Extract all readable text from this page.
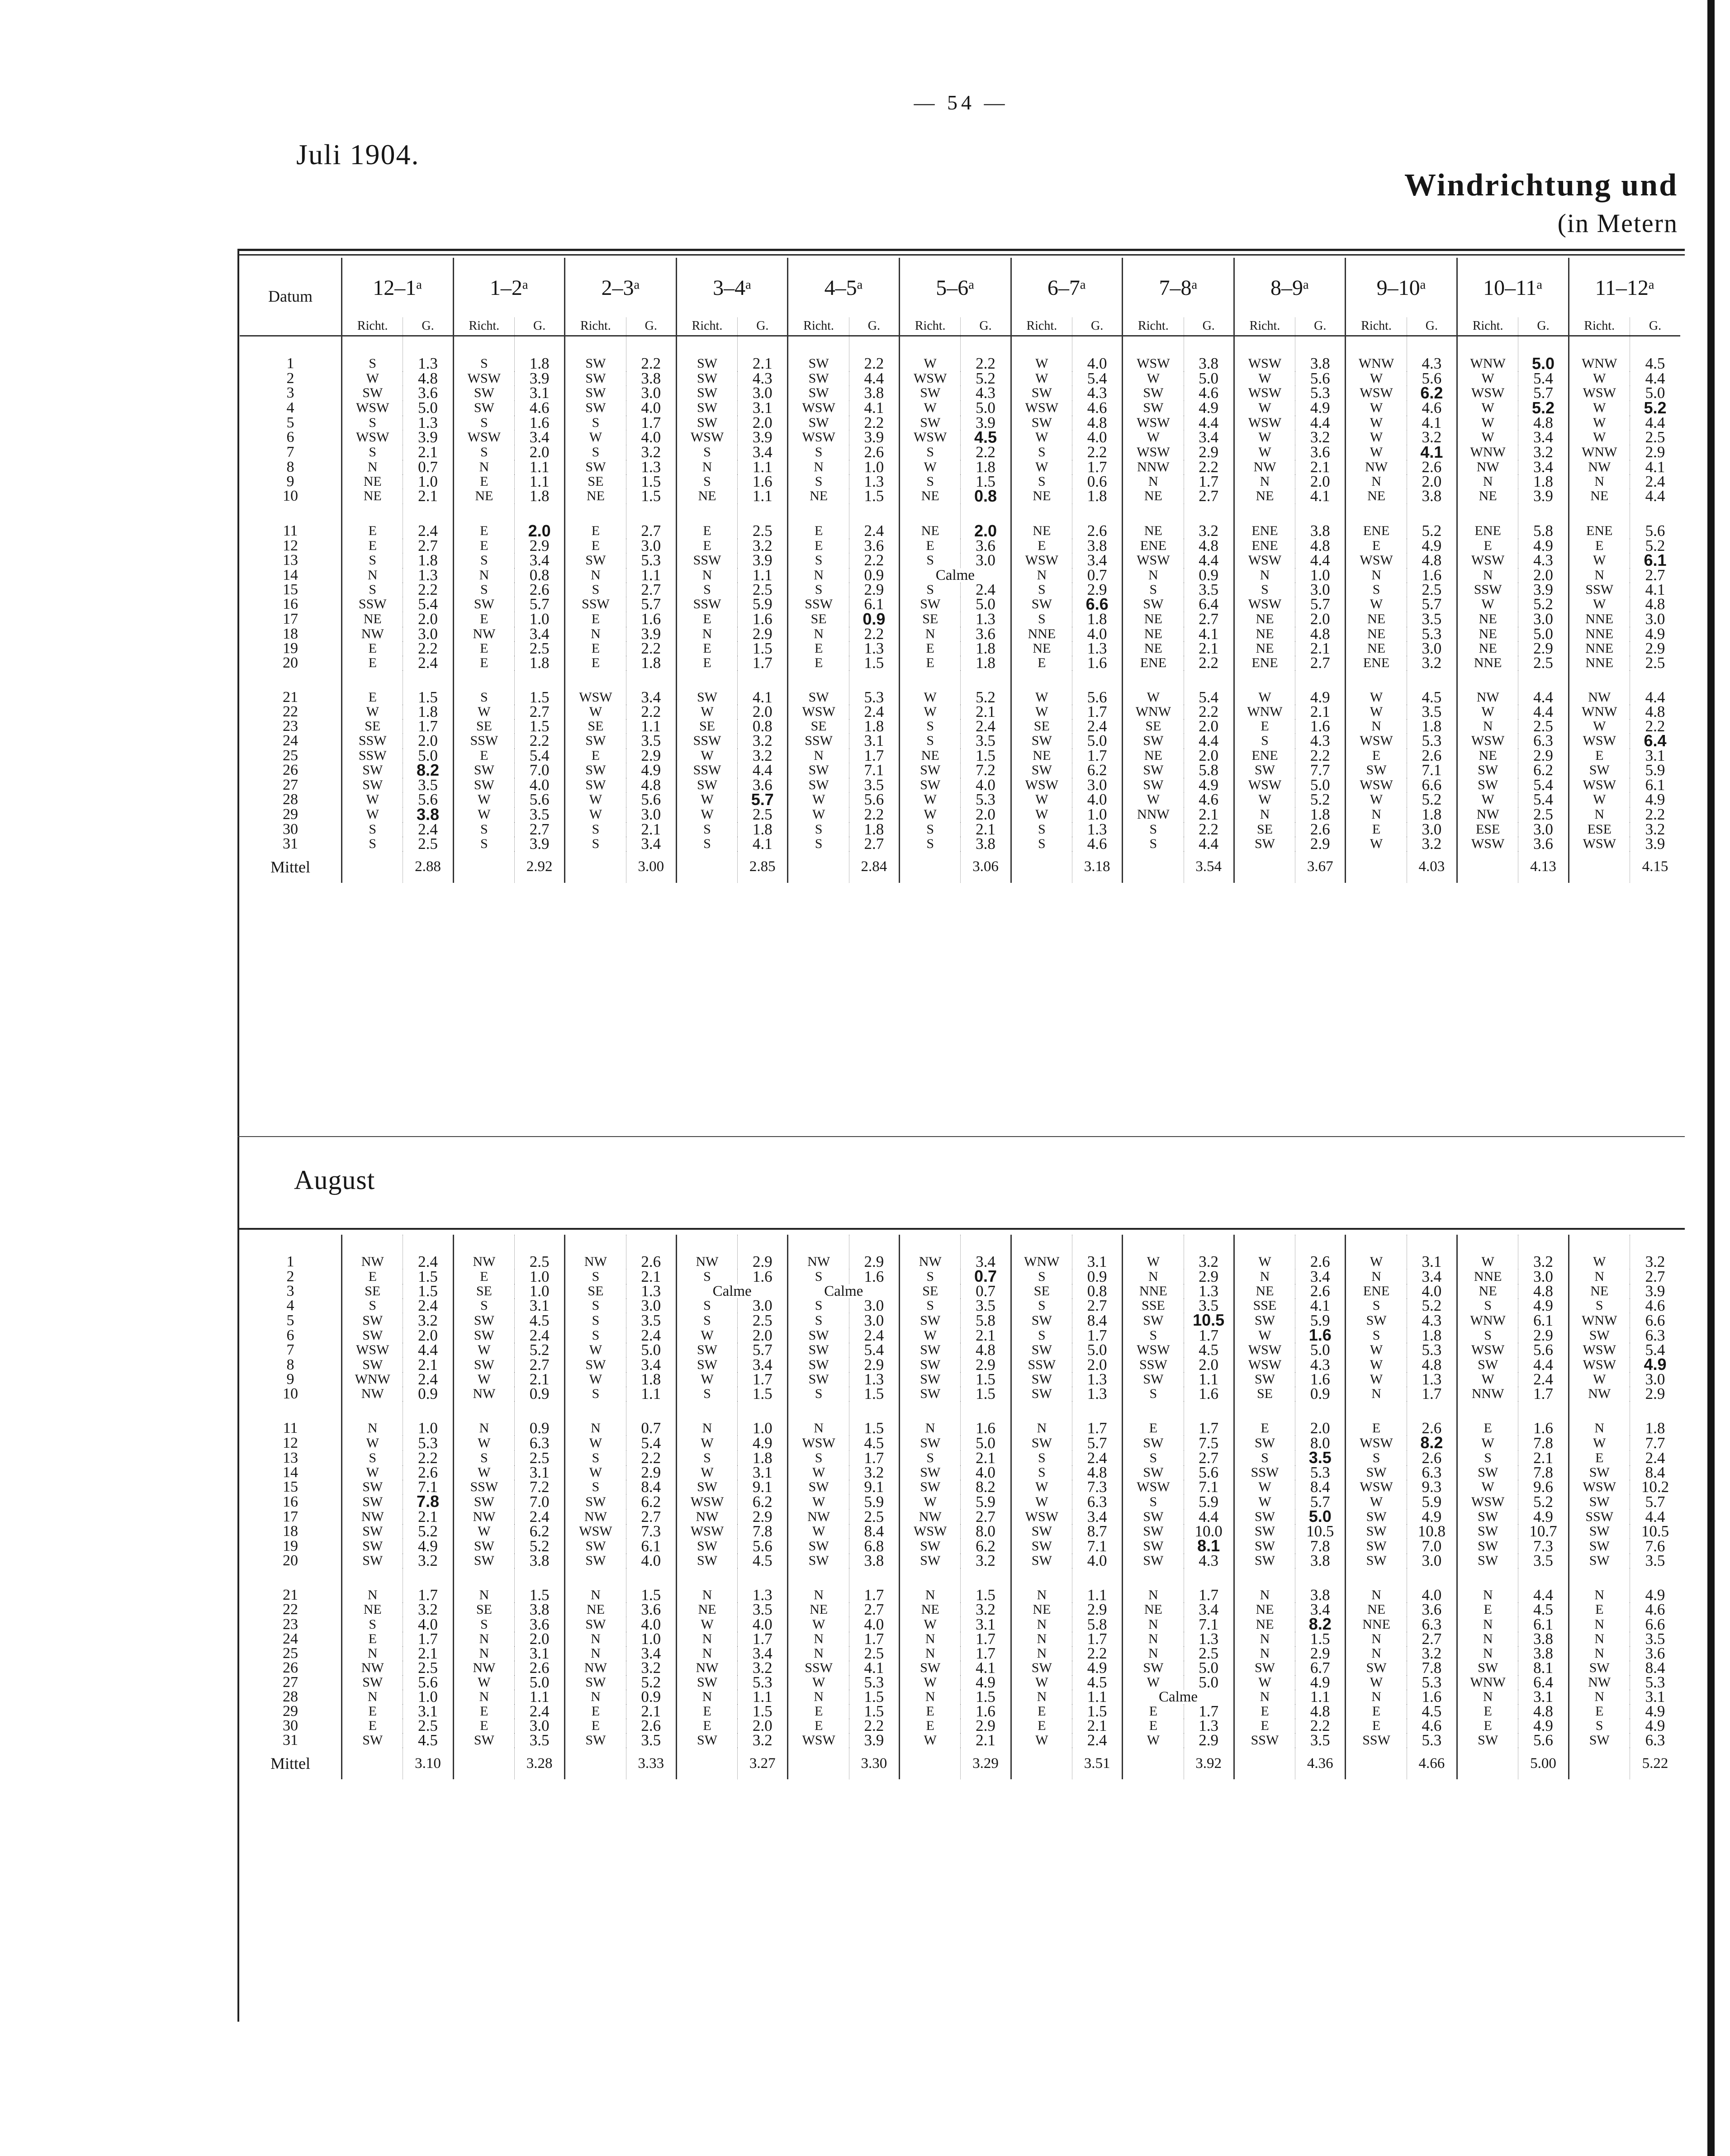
— 54 —
Juli 1904.
Windrichtung und
(in Metern
August
Datum	12–1ᵃ		1–2ᵃ		2–3ᵃ		3–4ᵃ		4–5ᵃ		5–6ᵃ		6–7ᵃ		7–8ᵃ		8–9ᵃ		9–10ᵃ		10–11ᵃ		11–12ᵃ	
	Richt.	G.	Richt.	G.	Richt.	G.	Richt.	G.	Richt.	G.	Richt.	G.	Richt.	G.	Richt.	G.	Richt.	G.	Richt.	G.	Richt.	G.	Richt.	G.
1	S	1.3	S	1.8	SW	2.2	SW	2.1	SW	2.2	W	2.2	W	4.0	WSW	3.8	WSW	3.8	WNW	4.3	WNW	5.0	WNW	4.5
2	W	4.8	WSW	3.9	SW	3.8	SW	4.3	SW	4.4	WSW	5.2	W	5.4	W	5.0	W	5.6	W	5.6	W	5.4	W	4.4
3	SW	3.6	SW	3.1	SW	3.0	SW	3.0	SW	3.8	SW	4.3	SW	4.3	SW	4.6	WSW	5.3	WSW	6.2	WSW	5.7	WSW	5.0
4	WSW	5.0	SW	4.6	SW	4.0	SW	3.1	WSW	4.1	W	5.0	WSW	4.6	SW	4.9	W	4.9	W	4.6	W	5.2	W	5.2
5	S	1.3	S	1.6	S	1.7	SW	2.0	SW	2.2	SW	3.9	SW	4.8	WSW	4.4	WSW	4.4	W	4.1	W	4.8	W	4.4
6	WSW	3.9	WSW	3.4	W	4.0	WSW	3.9	WSW	3.9	WSW	4.5	W	4.0	W	3.4	W	3.2	W	3.2	W	3.4	W	2.5
7	S	2.1	S	2.0	S	3.2	S	3.4	S	2.6	S	2.2	S	2.2	WSW	2.9	W	3.6	W	4.1	WNW	3.2	WNW	2.9
8	N	0.7	N	1.1	SW	1.3	N	1.1	N	1.0	W	1.8	W	1.7	NNW	2.2	NW	2.1	NW	2.6	NW	3.4	NW	4.1
9	NE	1.0	E	1.1	SE	1.5	S	1.6	S	1.3	S	1.5	S	0.6	N	1.7	N	2.0	N	2.0	N	1.8	N	2.4
10	NE	2.1	NE	1.8	NE	1.5	NE	1.1	NE	1.5	NE	0.8	NE	1.8	NE	2.7	NE	4.1	NE	3.8	NE	3.9	NE	4.4
11	E	2.4	E	2.0	E	2.7	E	2.5	E	2.4	NE	2.0	NE	2.6	NE	3.2	ENE	3.8	ENE	5.2	ENE	5.8	ENE	5.6
12	E	2.7	E	2.9	E	3.0	E	3.2	E	3.6	E	3.6	E	3.8	ENE	4.8	ENE	4.8	E	4.9	E	4.9	E	5.2
13	S	1.8	S	3.4	SW	5.3	SSW	3.9	S	2.2	S	3.0	WSW	3.4	WSW	4.4	WSW	4.4	WSW	4.8	WSW	4.3	W	6.1
14	N	1.3	N	0.8	N	1.1	N	1.1	N	0.9	Calme		N	0.7	N	0.9	N	1.0	N	1.6	N	2.0	N	2.7
15	S	2.2	S	2.6	S	2.7	S	2.5	S	2.9	S	2.4	S	2.9	S	3.5	S	3.0	S	2.5	SSW	3.9	SSW	4.1
16	SSW	5.4	SW	5.7	SSW	5.7	SSW	5.9	SSW	6.1	SW	5.0	SW	6.6	SW	6.4	WSW	5.7	W	5.7	W	5.2	W	4.8
17	NE	2.0	E	1.0	E	1.6	E	1.6	SE	0.9	SE	1.3	S	1.8	NE	2.7	NE	2.0	NE	3.5	NE	3.0	NNE	3.0
18	NW	3.0	NW	3.4	N	3.9	N	2.9	N	2.2	N	3.6	NNE	4.0	NE	4.1	NE	4.8	NE	5.3	NE	5.0	NNE	4.9
19	E	2.2	E	2.5	E	2.2	E	1.5	E	1.3	E	1.8	NE	1.3	NE	2.1	NE	2.1	NE	3.0	NE	2.9	NNE	2.9
20	E	2.4	E	1.8	E	1.8	E	1.7	E	1.5	E	1.8	E	1.6	ENE	2.2	ENE	2.7	ENE	3.2	NNE	2.5	NNE	2.5
21	E	1.5	S	1.5	WSW	3.4	SW	4.1	SW	5.3	W	5.2	W	5.6	W	5.4	W	4.9	W	4.5	NW	4.4	NW	4.4
22	W	1.8	W	2.7	W	2.2	W	2.0	WSW	2.4	W	2.1	W	1.7	WNW	2.2	WNW	2.1	W	3.5	W	4.4	WNW	4.8
23	SE	1.7	SE	1.5	SE	1.1	SE	0.8	SE	1.8	S	2.4	SE	2.4	SE	2.0	E	1.6	N	1.8	N	2.5	W	2.2
24	SSW	2.0	SSW	2.2	SW	3.5	SSW	3.2	SSW	3.1	S	3.5	SW	5.0	SW	4.4	S	4.3	WSW	5.3	WSW	6.3	WSW	6.4
25	SSW	5.0	E	5.4	E	2.9	W	3.2	N	1.7	NE	1.5	NE	1.7	NE	2.0	ENE	2.2	E	2.6	NE	2.9	E	3.1
26	SW	8.2	SW	7.0	SW	4.9	SSW	4.4	SW	7.1	SW	7.2	SW	6.2	SW	5.8	SW	7.7	SW	7.1	SW	6.2	SW	5.9
27	SW	3.5	SW	4.0	SW	4.8	SW	3.6	SW	3.5	SW	4.0	WSW	3.0	SW	4.9	WSW	5.0	WSW	6.6	SW	5.4	WSW	6.1
28	W	5.6	W	5.6	W	5.6	W	5.7	W	5.6	W	5.3	W	4.0	W	4.6	W	5.2	W	5.2	W	5.4	W	4.9
29	W	3.8	W	3.5	W	3.0	W	2.5	W	2.2	W	2.0	W	1.0	NNW	2.1	N	1.8	N	1.8	NW	2.5	N	2.2
30	S	2.4	S	2.7	S	2.1	S	1.8	S	1.8	S	2.1	S	1.3	S	2.2	SE	2.6	E	3.0	ESE	3.0	ESE	3.2
31	S	2.5	S	3.9	S	3.4	S	4.1	S	2.7	S	3.8	S	4.6	S	4.4	SW	2.9	W	3.2	WSW	3.6	WSW	3.9
Mittel		2.88		2.92		3.00		2.85		2.84		3.06		3.18		3.54		3.67		4.03		4.13		4.15
1	NW	2.4	NW	2.5	NW	2.6	NW	2.9	NW	2.9	NW	3.4	WNW	3.1	W	3.2	W	2.6	W	3.1	W	3.2	W	3.2
2	E	1.5	E	1.0	S	2.1	S	1.6	S	1.6	S	0.7	S	0.9	N	2.9	N	3.4	N	3.4	NNE	3.0	N	2.7
3	SE	1.5	SE	1.0	SE	1.3	Calme		Calme		SE	0.7	SE	0.8	NNE	1.3	NE	2.6	ENE	4.0	NE	4.8	NE	3.9
4	S	2.4	S	3.1	S	3.0	S	3.0	S	3.0	S	3.5	S	2.7	SSE	3.5	SSE	4.1	S	5.2	S	4.9	S	4.6
5	SW	3.2	SW	4.5	S	3.5	S	2.5	S	3.0	SW	5.8	SW	8.4	SW	10.5	SW	5.9	SW	4.3	WNW	6.1	WNW	6.6
6	SW	2.0	SW	2.4	S	2.4	W	2.0	SW	2.4	W	2.1	S	1.7	S	1.7	W	1.6	S	1.8	S	2.9	SW	6.3
7	WSW	4.4	W	5.2	W	5.0	SW	5.7	SW	5.4	SW	4.8	SW	5.0	WSW	4.5	WSW	5.0	W	5.3	WSW	5.6	WSW	5.4
8	SW	2.1	SW	2.7	SW	3.4	SW	3.4	SW	2.9	SW	2.9	SSW	2.0	SSW	2.0	WSW	4.3	W	4.8	SW	4.4	WSW	4.9
9	WNW	2.4	W	2.1	W	1.8	W	1.7	SW	1.3	SW	1.5	SW	1.3	SW	1.1	SW	1.6	W	1.3	W	2.4	W	3.0
10	NW	0.9	NW	0.9	S	1.1	S	1.5	S	1.5	SW	1.5	SW	1.3	S	1.6	SE	0.9	N	1.7	NNW	1.7	NW	2.9
11	N	1.0	N	0.9	N	0.7	N	1.0	N	1.5	N	1.6	N	1.7	E	1.7	E	2.0	E	2.6	E	1.6	N	1.8
12	W	5.3	W	6.3	W	5.4	W	4.9	WSW	4.5	SW	5.0	SW	5.7	SW	7.5	SW	8.0	WSW	8.2	W	7.8	W	7.7
13	S	2.2	S	2.5	S	2.2	S	1.8	S	1.7	S	2.1	S	2.4	S	2.7	S	3.5	S	2.6	S	2.1	E	2.4
14	W	2.6	W	3.1	W	2.9	W	3.1	W	3.2	SW	4.0	S	4.8	SW	5.6	SSW	5.3	SW	6.3	SW	7.8	SW	8.4
15	SW	7.1	SSW	7.2	S	8.4	SW	9.1	SW	9.1	SW	8.2	W	7.3	WSW	7.1	W	8.4	WSW	9.3	W	9.6	WSW	10.2
16	SW	7.8	SW	7.0	SW	6.2	WSW	6.2	W	5.9	W	5.9	W	6.3	S	5.9	W	5.7	W	5.9	WSW	5.2	SW	5.7
17	NW	2.1	NW	2.4	NW	2.7	NW	2.9	NW	2.5	NW	2.7	WSW	3.4	SW	4.4	SW	5.0	SW	4.9	SW	4.9	SSW	4.4
18	SW	5.2	W	6.2	WSW	7.3	WSW	7.8	W	8.4	WSW	8.0	SW	8.7	SW	10.0	SW	10.5	SW	10.8	SW	10.7	SW	10.5
19	SW	4.9	SW	5.2	SW	6.1	SW	5.6	SW	6.8	SW	6.2	SW	7.1	SW	8.1	SW	7.8	SW	7.0	SW	7.3	SW	7.6
20	SW	3.2	SW	3.8	SW	4.0	SW	4.5	SW	3.8	SW	3.2	SW	4.0	SW	4.3	SW	3.8	SW	3.0	SW	3.5	SW	3.5
21	N	1.7	N	1.5	N	1.5	N	1.3	N	1.7	N	1.5	N	1.1	N	1.7	N	3.8	N	4.0	N	4.4	N	4.9
22	NE	3.2	SE	3.8	NE	3.6	NE	3.5	NE	2.7	NE	3.2	NE	2.9	NE	3.4	NE	3.4	NE	3.6	E	4.5	E	4.6
23	S	4.0	S	3.6	SW	4.0	W	4.0	W	4.0	W	3.1	N	5.8	N	7.1	NE	8.2	NNE	6.3	N	6.1	N	6.6
24	E	1.7	N	2.0	N	1.0	N	1.7	N	1.7	N	1.7	N	1.7	N	1.3	N	1.5	N	2.7	N	3.8	N	3.5
25	N	2.1	N	3.1	N	3.4	N	3.4	N	2.5	N	1.7	N	2.2	N	2.5	N	2.9	N	3.2	N	3.8	N	3.6
26	NW	2.5	NW	2.6	NW	3.2	NW	3.2	SSW	4.1	SW	4.1	SW	4.9	SW	5.0	SW	6.7	SW	7.8	SW	8.1	SW	8.4
27	SW	5.6	W	5.0	SW	5.2	SW	5.3	W	5.3	W	4.9	W	4.5	W	5.0	W	4.9	W	5.3	WNW	6.4	NW	5.3
28	N	1.0	N	1.1	N	0.9	N	1.1	N	1.5	N	1.5	N	1.1	Calme		N	1.1	N	1.6	N	3.1	N	3.1
29	E	3.1	E	2.4	E	2.1	E	1.5	E	1.5	E	1.6	E	1.5	E	1.7	E	4.8	E	4.5	E	4.8	E	4.9
30	E	2.5	E	3.0	E	2.6	E	2.0	E	2.2	E	2.9	E	2.1	E	1.3	E	2.2	E	4.6	E	4.9	S	4.9
31	SW	4.5	SW	3.5	SW	3.5	SW	3.2	WSW	3.9	W	2.1	W	2.4	W	2.9	SSW	3.5	SSW	5.3	SW	5.6	SW	6.3
Mittel		3.10		3.28		3.33		3.27		3.30		3.29		3.51		3.92		4.36		4.66		5.00		5.22
